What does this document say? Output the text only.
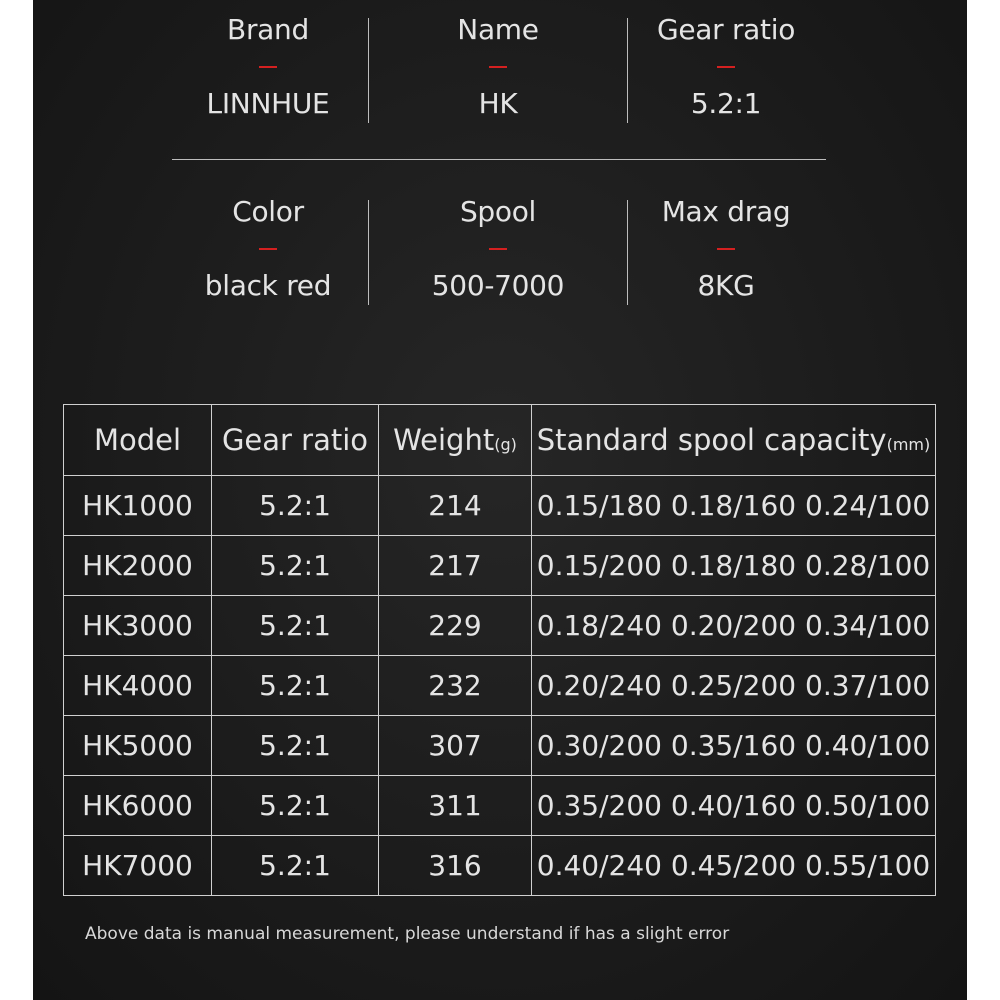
Brand
LINNHUE
Name
HK
Gear ratio
5.2:1
Color
black red
Spool
500-7000
Max drag
8KG
Model	Gear ratio	Weight(g)	Standard spool capacity(mm)
HK1000	5.2:1	214	0.15/180 0.18/160 0.24/100
HK2000	5.2:1	217	0.15/200 0.18/180 0.28/100
HK3000	5.2:1	229	0.18/240 0.20/200 0.34/100
HK4000	5.2:1	232	0.20/240 0.25/200 0.37/100
HK5000	5.2:1	307	0.30/200 0.35/160 0.40/100
HK6000	5.2:1	311	0.35/200 0.40/160 0.50/100
HK7000	5.2:1	316	0.40/240 0.45/200 0.55/100
Above data is manual measurement, please understand if has a slight error
